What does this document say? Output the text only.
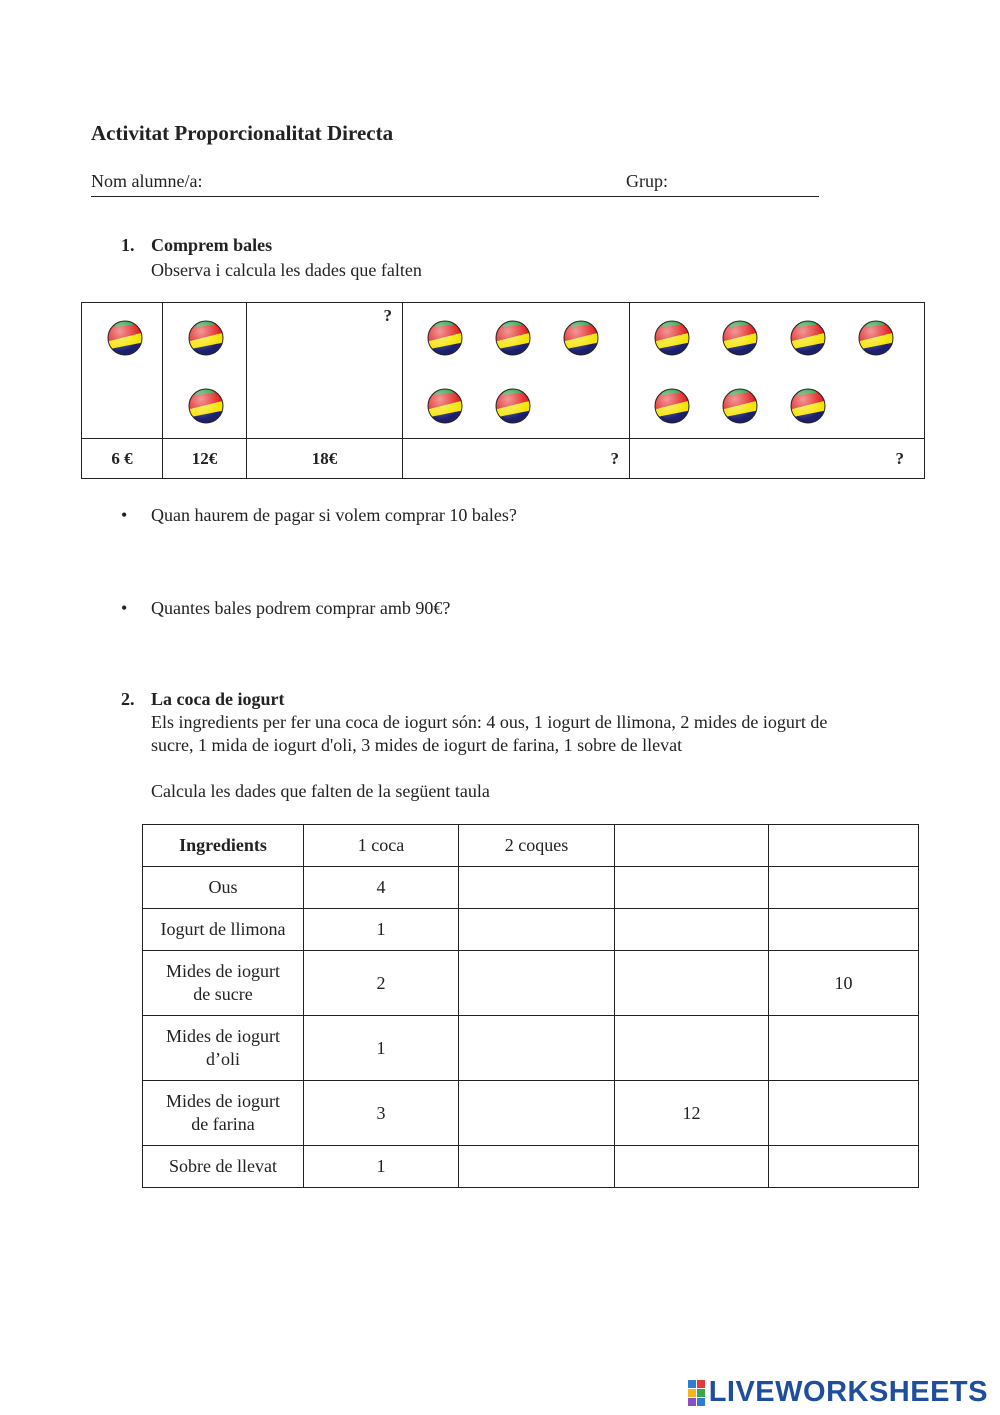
Activitat Proporcionalitat Directa
Nom alumne/a:	Grup:
1. Comprem bales
Observa i calcula les dades que falten

?

6 €	12€	18€	?	?
• Quan haurem de pagar si volem comprar 10 bales?
• Quantes bales podrem comprar amb 90€?
2. La coca de iogurt
Els ingredients per fer una coca de iogurt són: 4 ous, 1 iogurt de llimona, 2 mides de iogurt de
sucre, 1 mida de iogurt d'oli, 3 mides de iogurt de farina, 1 sobre de llevat
Calcula les dades que falten de la següent taula
Ingredients	1 coca	2 coques		

Ous	4			

Iogurt de llimona	1			

Mides de iogurt
de sucre	2			10

Mides de iogurt
d’oli	1			

Mides de iogurt
de farina	3		12	

Sobre de llevat	1			
LIVEWORKSHEETS
